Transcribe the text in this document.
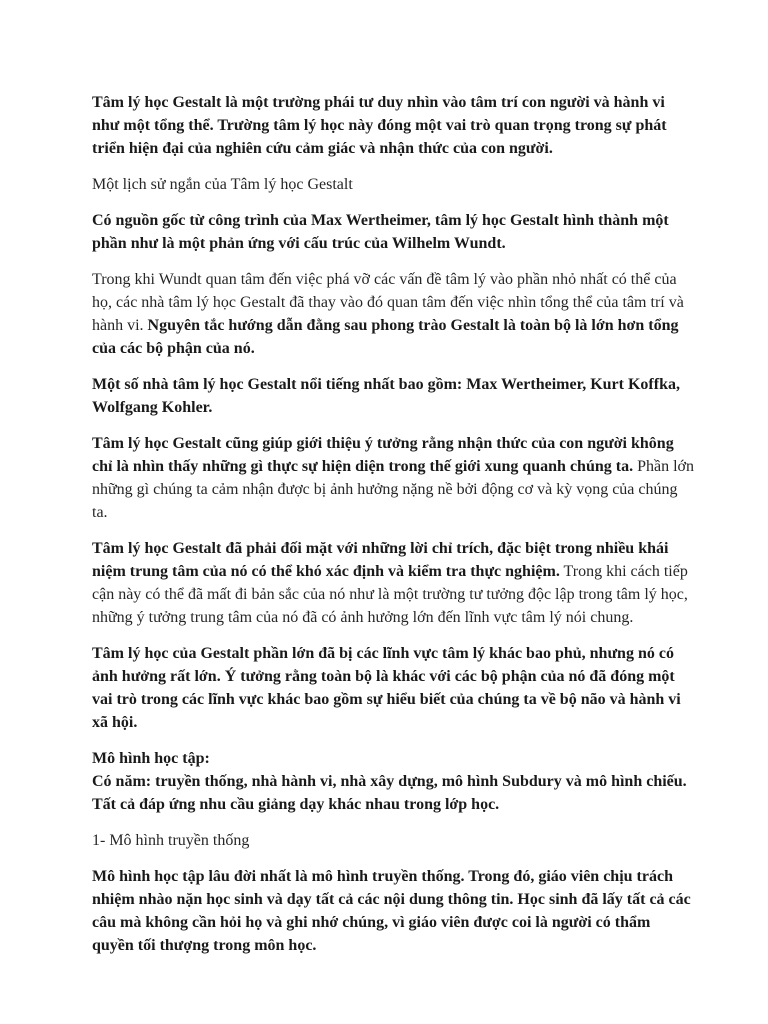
Tâm lý học Gestalt là một trường phái tư duy nhìn vào tâm trí con người và hành vi như một tổng thể. Trường tâm lý học này đóng một vai trò quan trọng trong sự phát triển hiện đại của nghiên cứu cảm giác và nhận thức của con người.

Một lịch sử ngắn của Tâm lý học Gestalt

Có nguồn gốc từ công trình của Max Wertheimer, tâm lý học Gestalt hình thành một phần như là một phản ứng với cấu trúc của Wilhelm Wundt.

Trong khi Wundt quan tâm đến việc phá vỡ các vấn đề tâm lý vào phần nhỏ nhất có thể của họ, các nhà tâm lý học Gestalt đã thay vào đó quan tâm đến việc nhìn tổng thể của tâm trí và hành vi. Nguyên tắc hướng dẫn đằng sau phong trào Gestalt là toàn bộ là lớn hơn tổng của các bộ phận của nó.

Một số nhà tâm lý học Gestalt nổi tiếng nhất bao gồm: Max Wertheimer, Kurt Koffka, Wolfgang Kohler.

Tâm lý học Gestalt cũng giúp giới thiệu ý tưởng rằng nhận thức của con người không chỉ là nhìn thấy những gì thực sự hiện diện trong thế giới xung quanh chúng ta. Phần lớn những gì chúng ta cảm nhận được bị ảnh hưởng nặng nề bởi động cơ và kỳ vọng của chúng ta.

Tâm lý học Gestalt đã phải đối mặt với những lời chỉ trích, đặc biệt trong nhiều khái niệm trung tâm của nó có thể khó xác định và kiểm tra thực nghiệm. Trong khi cách tiếp cận này có thể đã mất đi bản sắc của nó như là một trường tư tưởng độc lập trong tâm lý học, những ý tưởng trung tâm của nó đã có ảnh hưởng lớn đến lĩnh vực tâm lý nói chung.

Tâm lý học của Gestalt phần lớn đã bị các lĩnh vực tâm lý khác bao phủ, nhưng nó có ảnh hưởng rất lớn. Ý tưởng rằng toàn bộ là khác với các bộ phận của nó đã đóng một vai trò trong các lĩnh vực khác bao gồm sự hiểu biết của chúng ta về bộ não và hành vi xã hội.

Mô hình học tập:
Có năm: truyền thống, nhà hành vi, nhà xây dựng, mô hình Subdury và mô hình chiếu. Tất cả đáp ứng nhu cầu giảng dạy khác nhau trong lớp học.

1- Mô hình truyền thống

Mô hình học tập lâu đời nhất là mô hình truyền thống. Trong đó, giáo viên chịu trách nhiệm nhào nặn học sinh và dạy tất cả các nội dung thông tin. Học sinh đã lấy tất cả các câu mà không cần hỏi họ và ghi nhớ chúng, vì giáo viên được coi là người có thẩm quyền tối thượng trong môn học.
